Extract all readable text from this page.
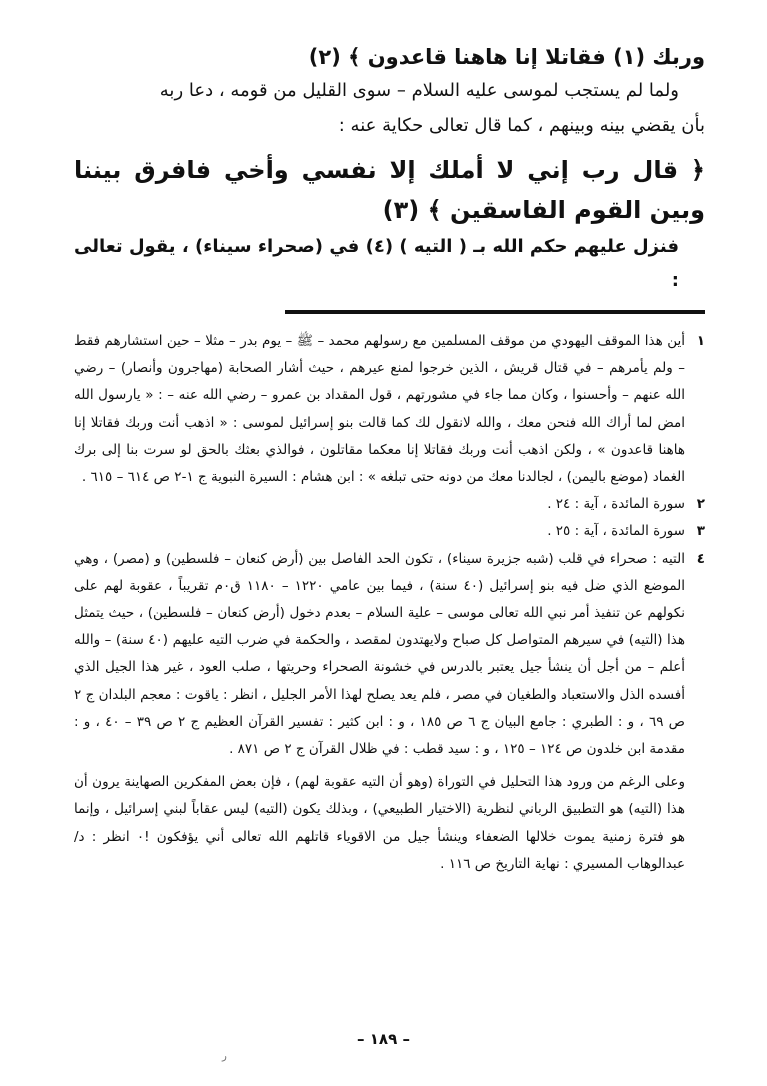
وربك (١) فقاتلا إنا هاهنا قاعدون ﴾ (٢)

ولما لم يستجب لموسى عليه السلام – سوى القليل من قومه ، دعا ربه

بأن يقضي بينه وبينهم ، كما قال تعالى حكاية عنه :

﴿ قال رب إني لا أملك إلا نفسي وأخي فافرق بيننا وبين القوم الفاسقين ﴾ (٣)

فنزل عليهم حكم الله بـ ( التيه ) (٤) في (صحراء سيناء) ، يقول تعالى :

١
أين هذا الموقف اليهودي من موقف المسلمين مع رسولهم محمد – ﷺ – يوم بدر – مثلا – حين استشارهم فقط – ولم يأمرهم – في قتال قريش ، الذين خرجوا لمنع عيرهم ، حيث أشار الصحابة (مهاجرون وأنصار) – رضي الله عنهم – وأحسنوا ، وكان مما جاء في مشورتهم ، قول المقداد بن عمرو – رضي الله عنه – : « يارسول الله امض لما أراك الله فنحن معك ، والله لانقول لك كما قالت بنو إسرائيل لموسى : « اذهب أنت وربك فقاتلا إنا هاهنا قاعدون » ، ولكن اذهب أنت وربك فقاتلا إنا معكما مقاتلون ، فوالذي بعثك بالحق لو سرت بنا إلى برك الغماد (موضع باليمن) ، لجالدنا معك من دونه حتى تبلغه » : ابن هشام : السيرة النبوية ج ١-٢ ص ٦١٤ – ٦١٥ .
٢
سورة المائدة ، آية : ٢٤ .
٣
سورة المائدة ، آية : ٢٥ .
٤
التيه : صحراء في قلب (شبه جزيرة سيناء) ، تكون الحد الفاصل بين (أرض كنعان – فلسطين) و (مصر) ، وهي الموضع الذي ضل فيه بنو إسرائيل (٤٠ سنة) ، فيما بين عامي ١٢٢٠ – ١١٨٠ ق٠م تقريباً ، عقوبة لهم على نكولهم عن تنفيذ أمر نبي الله تعالى موسى – علية السلام – بعدم دخول (أرض كنعان – فلسطين) ، حيث يتمثل هذا (التيه) في سيرهم المتواصل كل صباح ولايهتدون لمقصد ، والحكمة في ضرب التيه عليهم (٤٠ سنة) – والله أعلم – من أجل أن ينشأ جيل يعتبر بالدرس في خشونة الصحراء وحريتها ، صلب العود ، غير هذا الجيل الذي أفسده الذل والاستعباد والطغيان في مصر ، فلم يعد يصلح لهذا الأمر الجليل ، انظر : ياقوت : معجم البلدان ج ٢ ص ٦٩ ، و : الطبري : جامع البيان ج ٦ ص ١٨٥ ، و : ابن كثير : تفسير القرآن العظيم ج ٢ ص ٣٩ – ٤٠ ، و : مقدمة ابن خلدون ص ١٢٤ – ١٢٥ ، و : سيد قطب : في ظلال القرآن ج ٢ ص ٨٧١ .

وعلى الرغم من ورود هذا التحليل في التوراة (وهو أن التيه عقوبة لهم) ، فإن بعض المفكرين الصهاينة يرون أن هذا (التيه) هو التطبيق الرباني لنظرية (الاختيار الطبيعي) ، وبذلك يكون (التيه) ليس عقاباً لبني إسرائيل ، وإنما هو فترة زمنية يموت خلالها الضعفاء وينشأ جيل من الاقوياء قاتلهم الله تعالى أني يؤفكون !٠ انظر : د/ عبدالوهاب المسيري : نهاية التاريخ ص ١١٦ .

– ١٨٩ –
ر
